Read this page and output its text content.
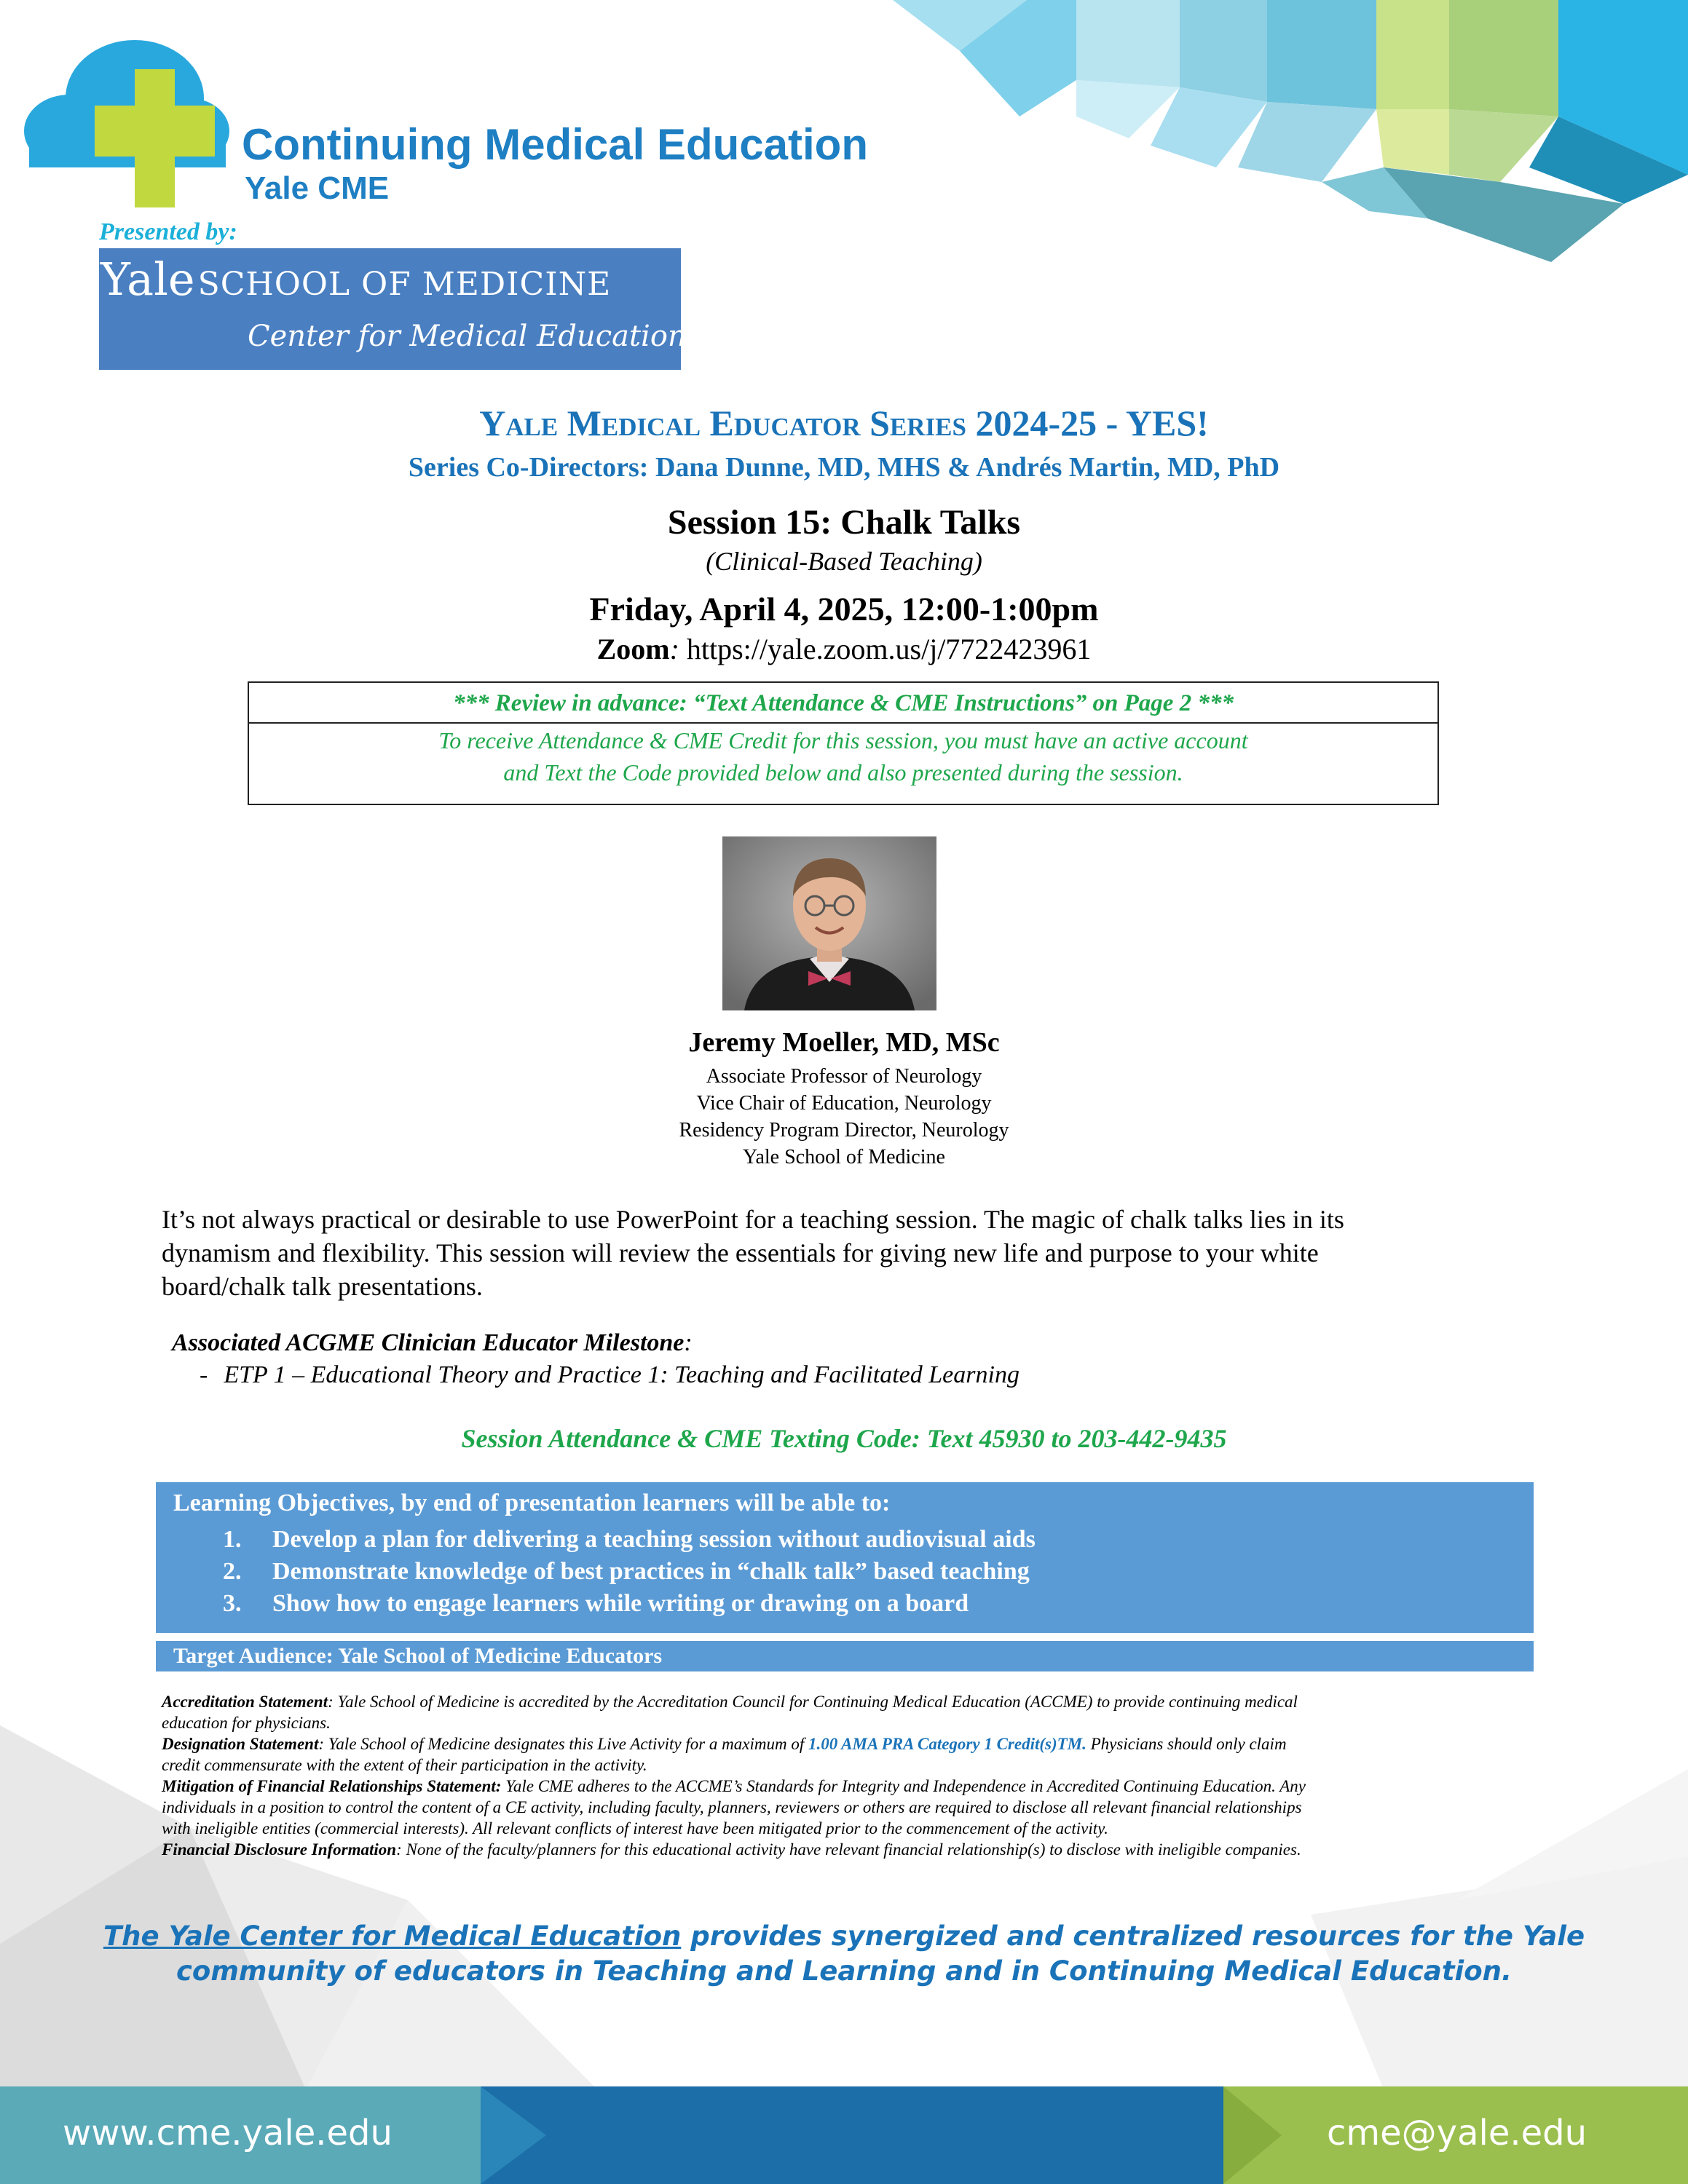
Continuing Medical Education
Yale CME
Presented by:
Yale SCHOOL OF MEDICINE
Center for Medical Education
Yale Medical Educator Series 2024-25 - YES!
Series Co-Directors: Dana Dunne, MD, MHS & Andrés Martin, MD, PhD
Session 15: Chalk Talks
(Clinical-Based Teaching)
Friday, April 4, 2025, 12:00-1:00pm
Zoom: https://yale.zoom.us/j/7722423961
*** Review in advance: “Text Attendance & CME Instructions” on Page 2 ***
To receive Attendance & CME Credit for this session, you must have an active account
and Text the Code provided below and also presented during the session.
Jeremy Moeller, MD, MSc
Associate Professor of Neurology
Vice Chair of Education, Neurology
Residency Program Director, Neurology
Yale School of Medicine
It’s not always practical or desirable to use PowerPoint for a teaching session. The magic of chalk talks lies in its
dynamism and flexibility. This session will review the essentials for giving new life and purpose to your white
board/chalk talk presentations.
Associated ACGME Clinician Educator Milestone:
- ETP 1 – Educational Theory and Practice 1: Teaching and Facilitated Learning
Session Attendance & CME Texting Code: Text 45930 to 203-442-9435
Learning Objectives, by end of presentation learners will be able to:
1. Develop a plan for delivering a teaching session without audiovisual aids
2. Demonstrate knowledge of best practices in “chalk talk” based teaching
3. Show how to engage learners while writing or drawing on a board
Target Audience: Yale School of Medicine Educators
Accreditation Statement: Yale School of Medicine is accredited by the Accreditation Council for Continuing Medical Education (ACCME) to provide continuing medical
education for physicians.
Designation Statement: Yale School of Medicine designates this Live Activity for a maximum of 1.00 AMA PRA Category 1 Credit(s)TM. Physicians should only claim
credit commensurate with the extent of their participation in the activity.
Mitigation of Financial Relationships Statement: Yale CME adheres to the ACCME’s Standards for Integrity and Independence in Accredited Continuing Education. Any
individuals in a position to control the content of a CE activity, including faculty, planners, reviewers or others are required to disclose all relevant financial relationships
with ineligible entities (commercial interests). All relevant conflicts of interest have been mitigated prior to the commencement of the activity.
Financial Disclosure Information: None of the faculty/planners for this educational activity have relevant financial relationship(s) to disclose with ineligible companies.
The Yale Center for Medical Education provides synergized and centralized resources for the Yale
community of educators in Teaching and Learning and in Continuing Medical Education.
www.cme.yale.edu	cme@yale.edu
